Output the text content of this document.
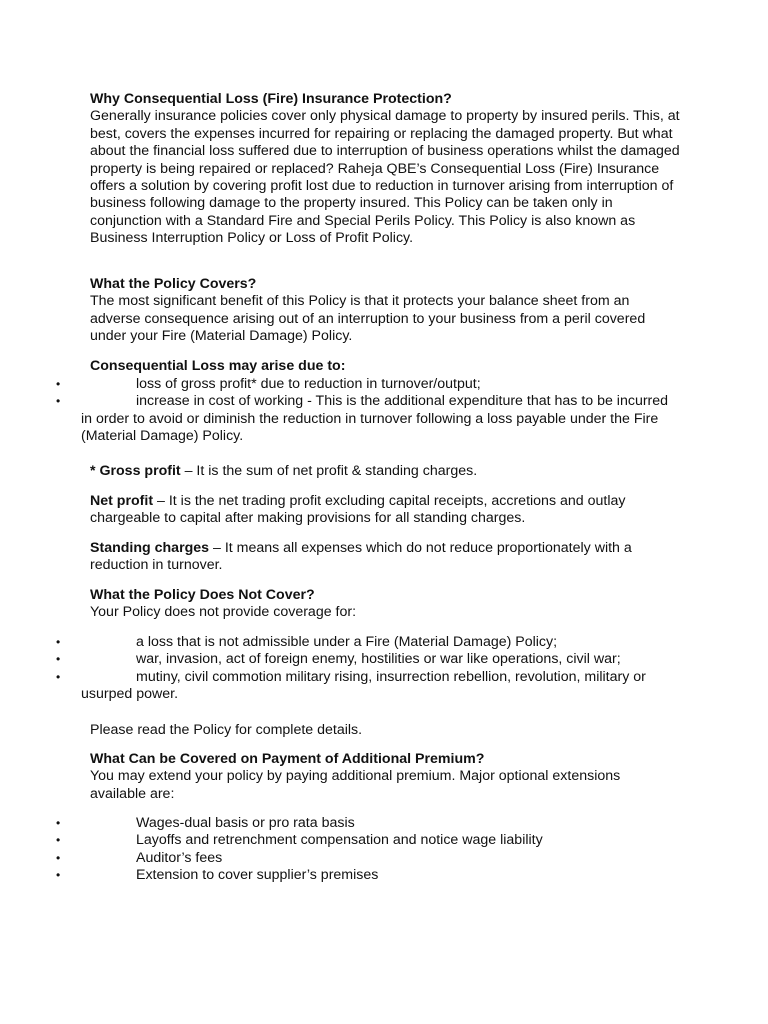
Why Consequential Loss (Fire) Insurance Protection?

Generally insurance policies cover only physical damage to property by insured perils. This, at best, covers the expenses incurred for repairing or replacing the damaged property. But what about the financial loss suffered due to interruption of business operations whilst the damaged property is being repaired or replaced? Raheja QBE’s Consequential Loss (Fire) Insurance offers a solution by covering profit lost due to reduction in turnover arising from interruption of business following damage to the property insured. This Policy can be taken only in conjunction with a Standard Fire and Special Perils Policy. This Policy is also known as Business Interruption Policy or Loss of Profit Policy.

What the Policy Covers?

The most significant benefit of this Policy is that it protects your balance sheet from an adverse consequence arising out of an interruption to your business from a peril covered under your Fire (Material Damage) Policy.

Consequential Loss may arise due to:

•	loss of gross profit* due to reduction in turnover/output;
•	increase in cost of working - This is the additional expenditure that has to be incurred in order to avoid or diminish the reduction in turnover following a loss payable under the Fire (Material Damage) Policy.

* Gross profit – It is the sum of net profit & standing charges.

Net profit – It is the net trading profit excluding capital receipts, accretions and outlay chargeable to capital after making provisions for all standing charges.

Standing charges – It means all expenses which do not reduce proportionately with a reduction in turnover.

What the Policy Does Not Cover?

Your Policy does not provide coverage for:

•	a loss that is not admissible under a Fire (Material Damage) Policy;
•	war, invasion, act of foreign enemy, hostilities or war like operations, civil war;
•	mutiny, civil commotion military rising, insurrection rebellion, revolution, military or usurped power.

Please read the Policy for complete details.

What Can be Covered on Payment of Additional Premium?

You may extend your policy by paying additional premium. Major optional extensions available are:

•	Wages-dual basis or pro rata basis
•	Layoffs and retrenchment compensation and notice wage liability
•	Auditor’s fees
•	Extension to cover supplier’s premises
